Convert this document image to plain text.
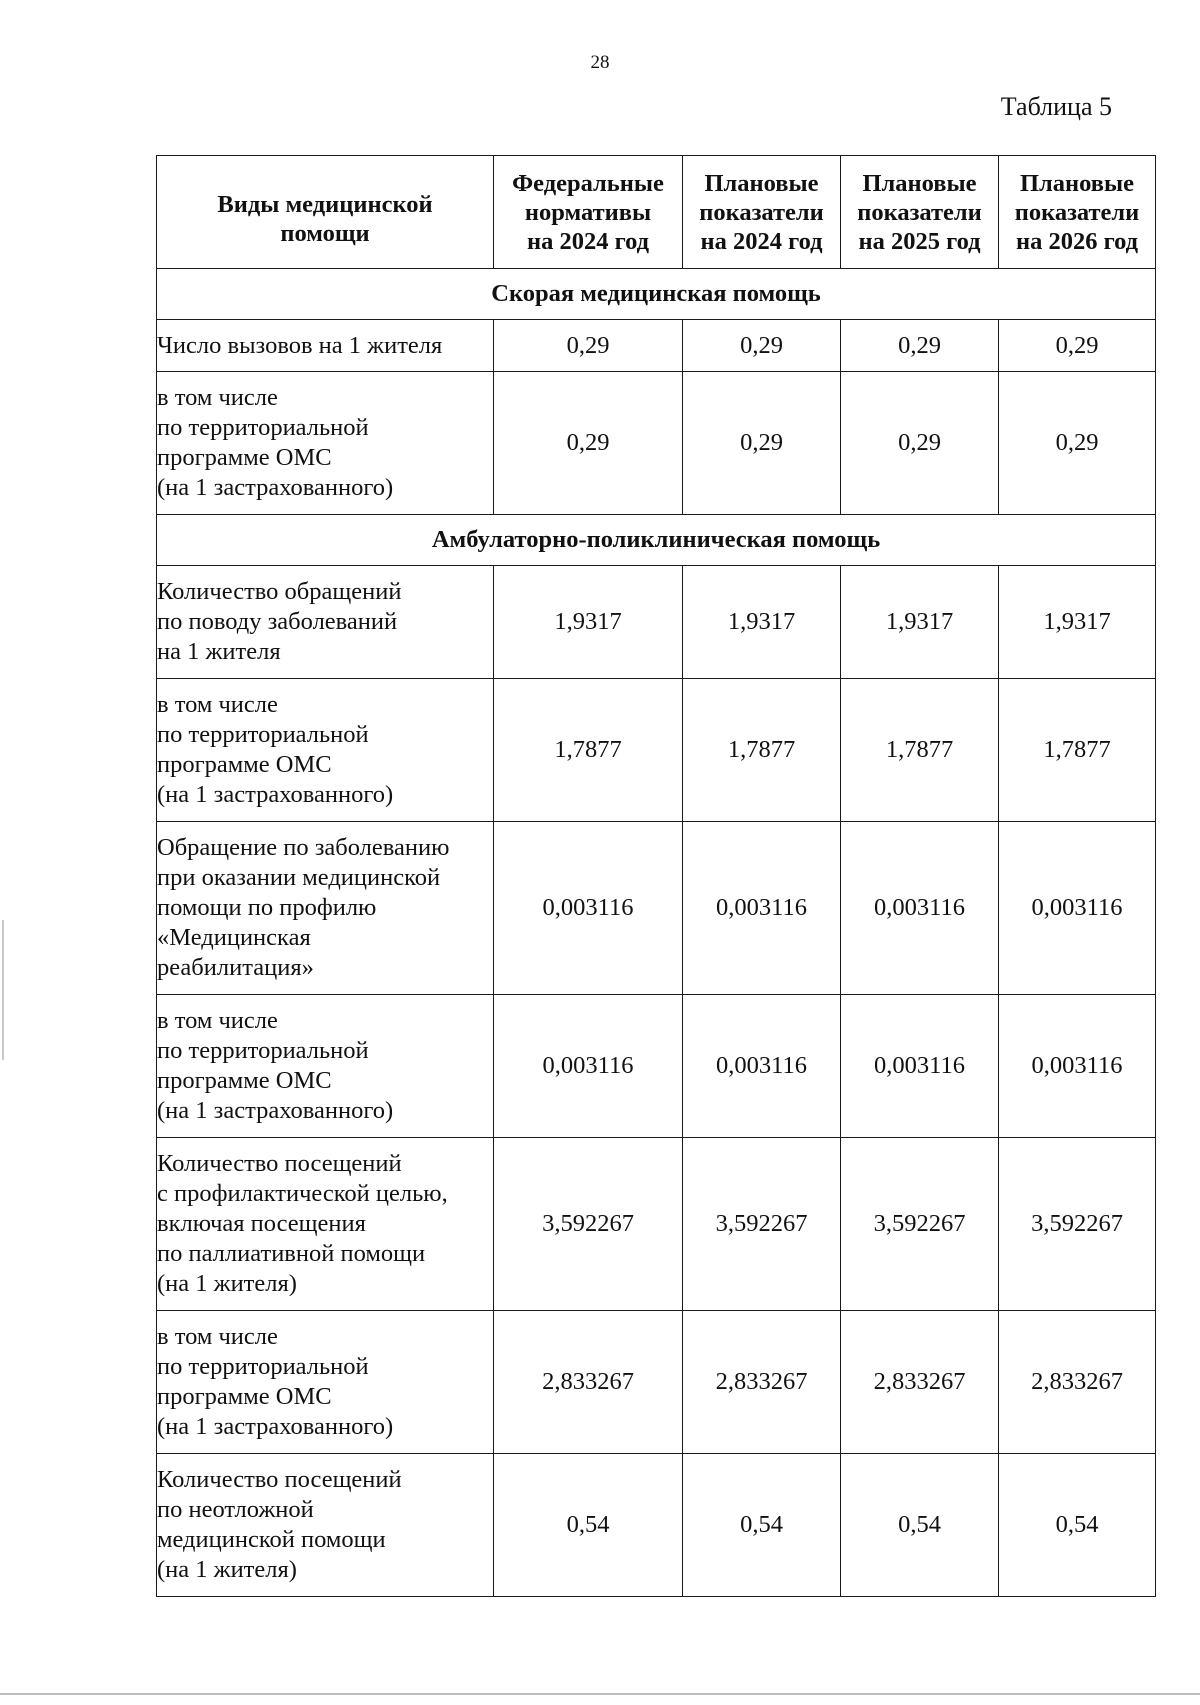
28
Таблица 5
Виды медицинской
помощи	Федеральные
нормативы
на 2024 год	Плановые
показатели
на 2024 год	Плановые
показатели
на 2025 год	Плановые
показатели
на 2026 год
Скорая медицинская помощь				
Число вызовов на 1 жителя	0,29	0,29	0,29	0,29
в том числе
по территориальной
программе ОМС
(на 1 застрахованного)	0,29	0,29	0,29	0,29
Амбулаторно-поликлиническая помощь				
Количество обращений
по поводу заболеваний
на 1 жителя	1,9317	1,9317	1,9317	1,9317
в том числе
по территориальной
программе ОМС
(на 1 застрахованного)	1,7877	1,7877	1,7877	1,7877
Обращение по заболеванию
при оказании медицинской
помощи по профилю
«Медицинская
реабилитация»	0,003116	0,003116	0,003116	0,003116
в том числе
по территориальной
программе ОМС
(на 1 застрахованного)	0,003116	0,003116	0,003116	0,003116
Количество посещений
с профилактической целью,
включая посещения
по паллиативной помощи
(на 1 жителя)	3,592267	3,592267	3,592267	3,592267
в том числе
по территориальной
программе ОМС
(на 1 застрахованного)	2,833267	2,833267	2,833267	2,833267
Количество посещений
по неотложной
медицинской помощи
(на 1 жителя)	0,54	0,54	0,54	0,54
